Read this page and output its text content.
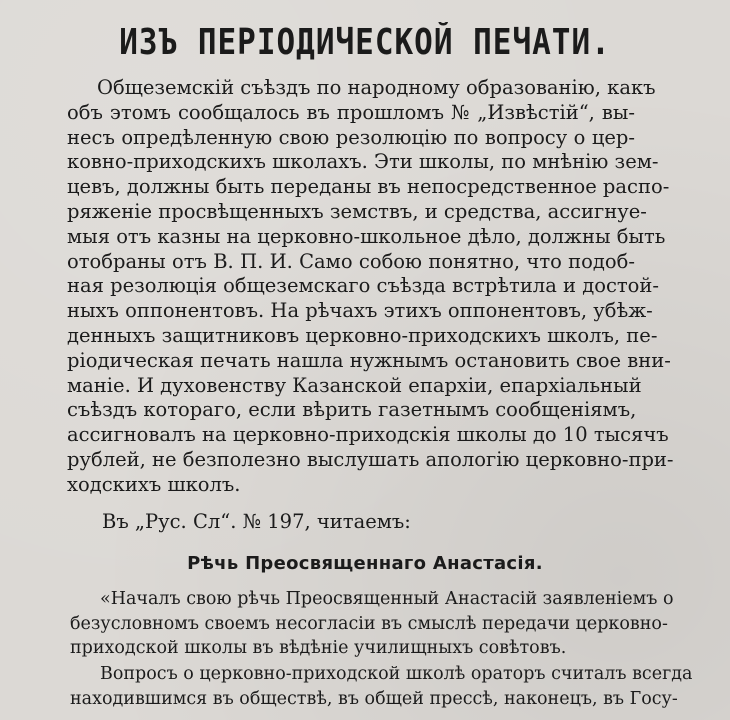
ИЗЪ ПЕРІОДИЧЕСКОЙ ПЕЧАТИ.
Общеземскій съѣздъ по народному образованію, какъ
объ этомъ сообщалось въ прошломъ № „Извѣстій“, вы-
несъ опредѣленную свою резолюцію по вопросу о цер-
ковно-приходскихъ школахъ. Эти школы, по мнѣнію зем-
цевъ, должны быть переданы въ непосредственное распо-
ряженіе просвѣщенныхъ земствъ, и средства, ассигнуе-
мыя отъ казны на церковно-школьное дѣло, должны быть
отобраны отъ В. П. И. Само собою понятно, что подоб-
ная резолюція общеземскаго съѣзда встрѣтила и достой-
ныхъ оппонентовъ. На рѣчахъ этихъ оппонентовъ, убѣж-
денныхъ защитниковъ церковно-приходскихъ школъ, пе-
ріодическая печать нашла нужнымъ остановить свое вни-
маніе. И духовенству Казанской епархіи, епархіальный
съѣздъ котораго, если вѣрить газетнымъ сообщеніямъ,
ассигновалъ на церковно-приходскія школы до 10 тысячъ
рублей, не безполезно выслушать апологію церковно-при-
ходскихъ школъ.
Въ „Рус. Сл“. № 197, читаемъ:
Рѣчь Преосвященнаго Анастасія.
«Началъ свою рѣчь Преосвященный Анастасій заявленіемъ о
безусловномъ своемъ несогласіи въ смыслѣ передачи церковно-
приходской школы въ вѣдѣніе училищныхъ совѣтовъ.
Вопросъ о церковно-приходской школѣ ораторъ считалъ всегда
находившимся въ обществѣ, въ общей прессѣ, наконецъ, въ Госу-
